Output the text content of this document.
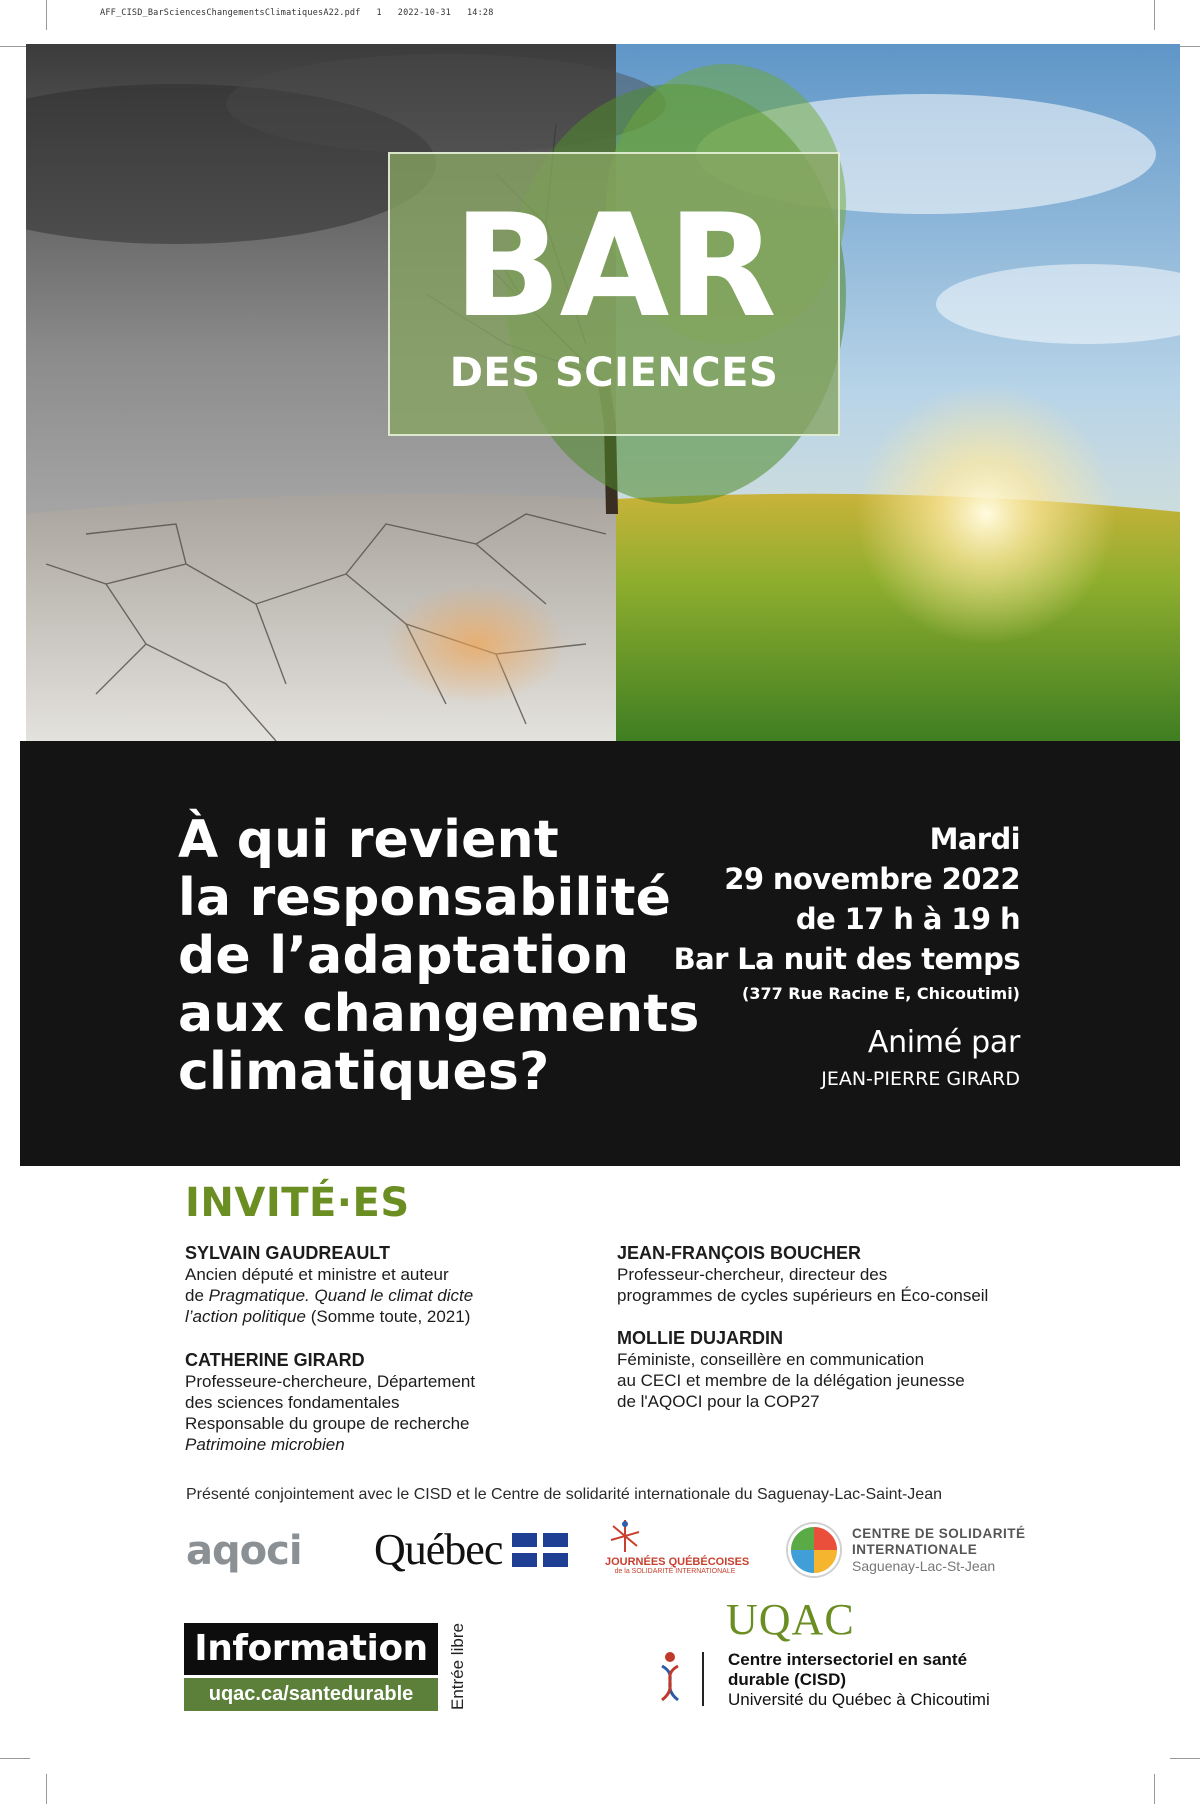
AFF_CISD_BarSciencesChangementsClimatiquesA22.pdf 1 2022-10-31 14:28
BAR
DES SCIENCES
À qui revient
la responsabilité
de l’adaptation
aux changements
climatiques?
Mardi
29 novembre 2022
de 17 h à 19 h
Bar La nuit des temps
(377 Rue Racine E, Chicoutimi)
Animé par
JEAN-PIERRE GIRARD
INVITÉ·ES
SYLVAIN GAUDREAULT
Ancien député et ministre et auteur
de Pragmatique. Quand le climat dicte
l’action politique (Somme toute, 2021)
CATHERINE GIRARD
Professeure-chercheure, Département
des sciences fondamentales
Responsable du groupe de recherche
Patrimoine microbien
JEAN-FRANÇOIS BOUCHER
Professeur-chercheur, directeur des
programmes de cycles supérieurs en Éco-conseil
MOLLIE DUJARDIN
Féministe, conseillère en communication
au CECI et membre de la délégation jeunesse
de l'AQOCI pour la COP27
Présenté conjointement avec le CISD et le Centre de solidarité internationale du Saguenay-Lac-Saint-Jean
aqoci Québec	JOURNÉES QUÉBÉCOISES
de la SOLIDARITÉ INTERNATIONALE
CENTRE DE SOLIDARITÉ
INTERNATIONALE
Saguenay-Lac-St-Jean
Information
uqac.ca/santedurable	Entrée libre
UQAC
Centre intersectoriel en santé
durable (CISD)
Université du Québec à Chicoutimi
